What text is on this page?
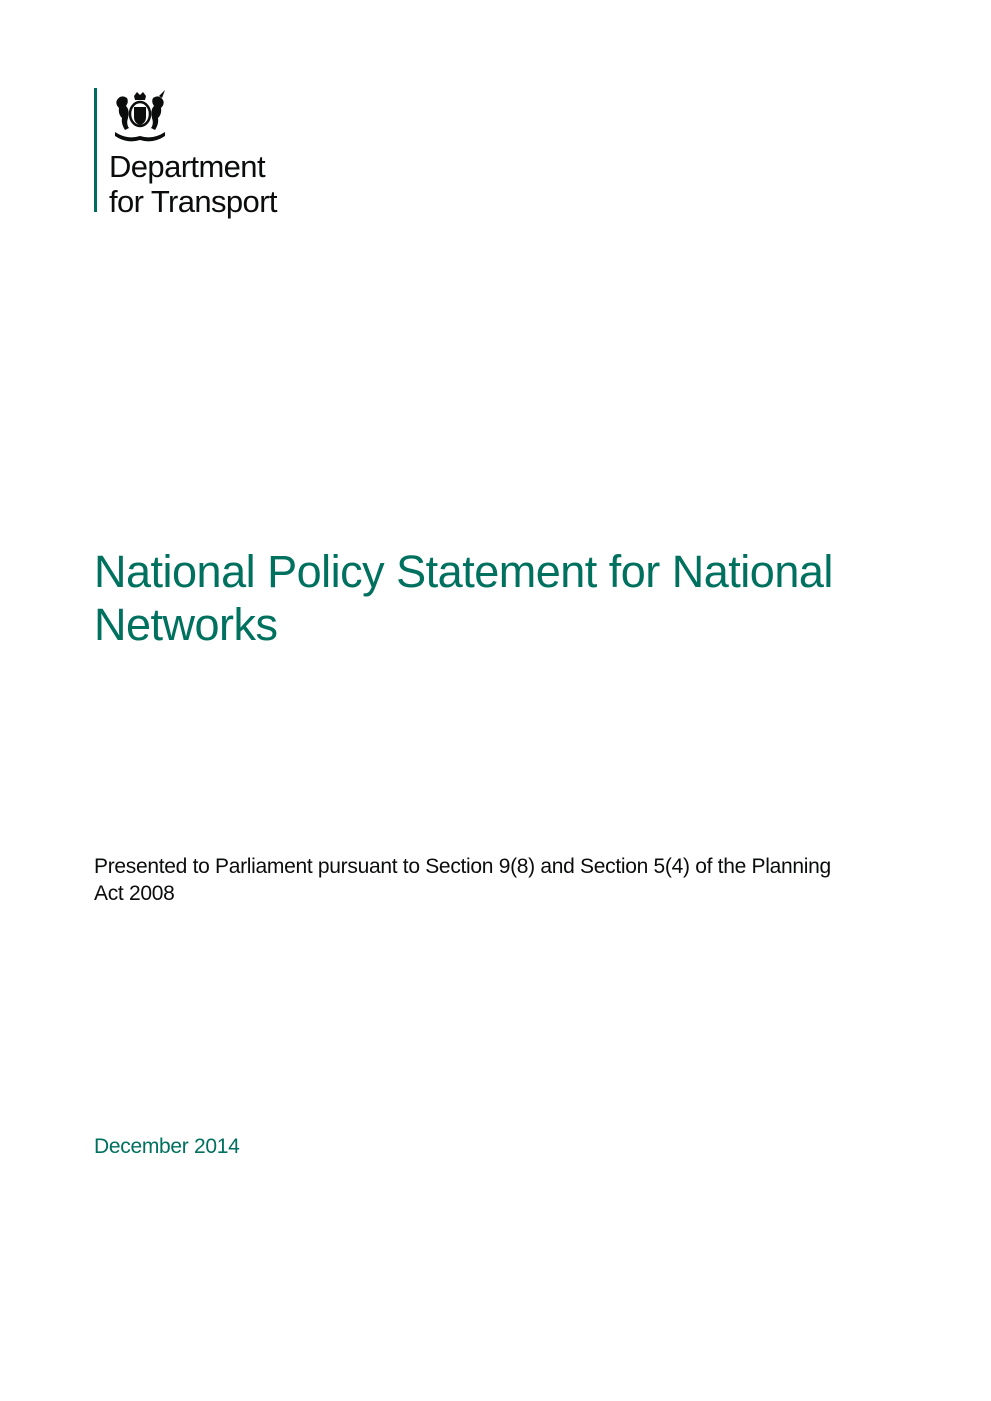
Department
for Transport
National Policy Statement for National Networks
Presented to Parliament pursuant to Section 9(8) and Section 5(4) of the Planning Act 2008
December 2014
